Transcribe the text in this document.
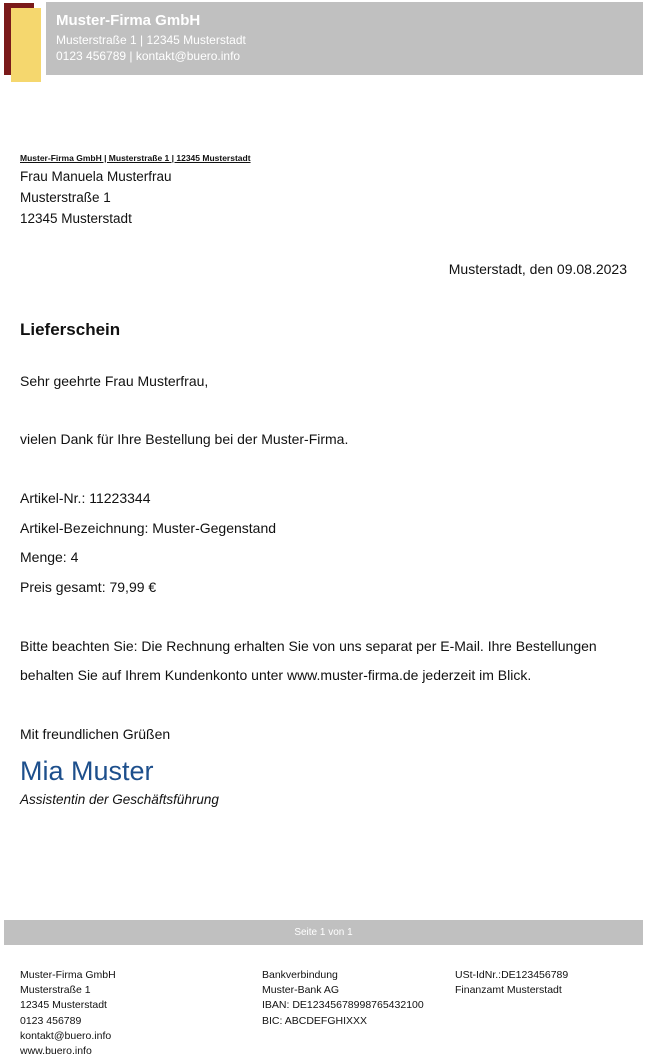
Muster-Firma GmbH
Musterstraße 1 | 12345 Musterstadt
0123 456789 | kontakt@buero.info
Muster-Firma GmbH | Musterstraße 1 | 12345 Musterstadt
Frau Manuela Musterfrau
Musterstraße 1
12345 Musterstadt
Musterstadt, den 09.08.2023
Lieferschein
Sehr geehrte Frau Musterfrau,
vielen Dank für Ihre Bestellung bei der Muster-Firma.
Artikel-Nr.: 11223344
Artikel-Bezeichnung: Muster-Gegenstand
Menge: 4
Preis gesamt: 79,99 €
Bitte beachten Sie: Die Rechnung erhalten Sie von uns separat per E-Mail. Ihre Bestellungen
behalten Sie auf Ihrem Kundenkonto unter www.muster-firma.de jederzeit im Blick.
Mit freundlichen Grüßen
Mia Muster
Assistentin der Geschäftsführung
Seite 1 von 1
Muster-Firma GmbH
Musterstraße 1
12345 Musterstadt
0123 456789
kontakt@buero.info
www.buero.info
Bankverbindung
Muster-Bank AG
IBAN: DE12345678998765432100
BIC: ABCDEFGHIXXX
USt-IdNr.:DE123456789
Finanzamt Musterstadt
